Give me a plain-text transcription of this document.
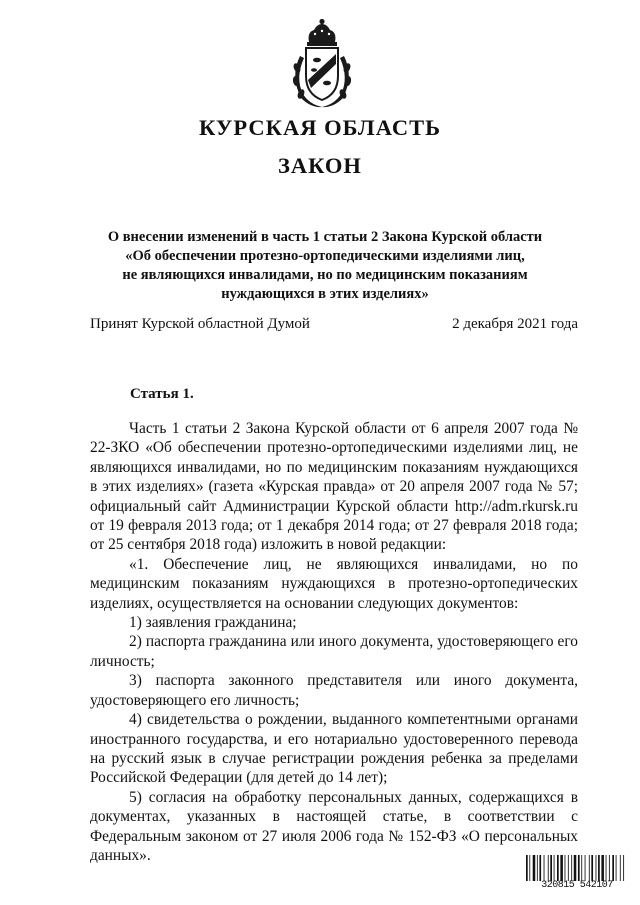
КУРСКАЯ ОБЛАСТЬ
ЗАКОН
О внесении изменений в часть 1 статьи 2 Закона Курской области
«Об обеспечении протезно-ортопедическими изделиями лиц,
не являющихся инвалидами, но по медицинским показаниям
нуждающихся в этих изделиях»
Принят Курской областной Думой	2 декабря 2021 года
Статья 1.

Часть 1 статьи 2 Закона Курской области от 6 апреля 2007 года № 22-ЗКО «Об обеспечении протезно-ортопедическими изделиями лиц, не являющихся инвалидами, но по медицинским показаниям нуждающихся в этих изделиях» (газета «Курская правда» от 20 апреля 2007 года № 57; официальный сайт Администрации Курской области http://adm.rkursk.ru от 19 февраля 2013 года; от 1 декабря 2014 года; от 27 февраля 2018 года; от 25 сентября 2018 года) изложить в новой редакции:

«1. Обеспечение лиц, не являющихся инвалидами, но по медицинским показаниям нуждающихся в протезно-ортопедических изделиях, осуществляется на основании следующих документов:

1) заявления гражданина;

2) паспорта гражданина или иного документа, удостоверяющего его личность;

3) паспорта законного представителя или иного документа, удостоверяющего его личность;

4) свидетельства о рождении, выданного компетентными органами иностранного государства, и его нотариально удостоверенного перевода на русский язык в случае регистрации рождения ребенка за пределами Российской Федерации (для детей до 14 лет);

5) согласия на обработку персональных данных, содержащихся в документах, указанных в настоящей статье, в соответствии с Федеральным законом от 27 июля 2006 года № 152-ФЗ «О персональных данных».

320815 542107
